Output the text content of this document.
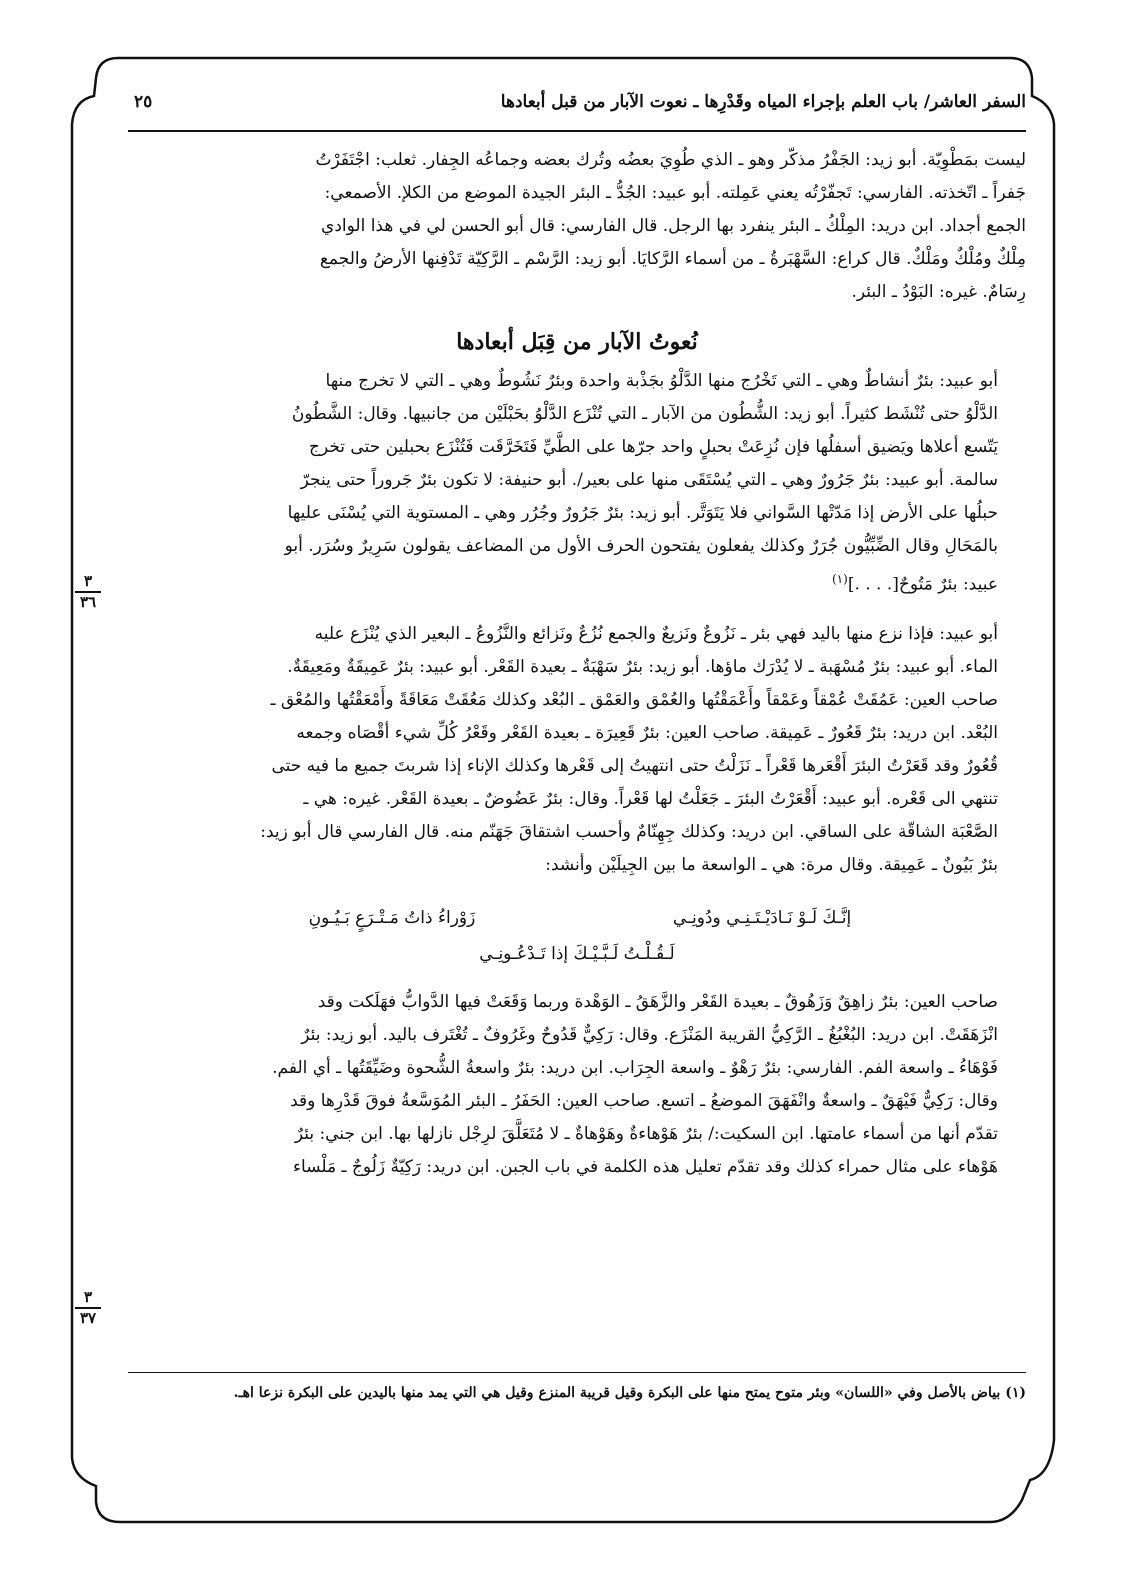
السفر العاشر/ باب العلم بإجراء المياه وقَدْرِها ـ نعوت الآبار من قبل أبعادها
٢٥
ليست بمَطْوِيّة. أبو زيد: الجَفْرُ مذكّر وهو ـ الذي طُوِيَ بعضُه وتُرك بعضه وجماعُه الجِفار. ثعلب: اجْتَفَرْتُ
جَفراً ـ اتّخذته. الفارسي: تَجفّرْتُه يعني عَمِلته. أبو عبيد: الجُدُّ ـ البئر الجيدة الموضع من الكلإ. الأصمعي:
الجمع أجداد. ابن دريد: المِلْكُ ـ البئر ينفرد بها الرجل. قال الفارسي: قال أبو الحسن لي في هذا الوادي
مِلْكٌ ومُلْكٌ ومَلْكٌ. قال كراع: السَّهْبَرةُ ـ من أسماء الرَّكايَا. أبو زيد: الرَّسْم ـ الرَّكِيّة تَدْفِنها الأرضُ والجمع
رِسَامٌ. غيره: البَوْدُ ـ البئر.
نُعوتُ الآبار من قِبَل أبعادها
أبو عبيد: بئرٌ أنشاطٌ وهي ـ التي تَخْرُج منها الدَّلْوُ بجَذْبة واحدة وبئرٌ نَشُوطٌ وهي ـ التي لا تخرج منها
الدَّلْوُ حتى تُنْشَط كثيراً. أبو زيد: الشُّطُون من الآبار ـ التي تُنْزَع الدَّلْوُ بحَبْلَيْن من جانبيها. وقال: الشَّطُونُ
يَتّسع أعلاها ويَضيق أسفلُها فإن نُزِعَتْ بحبلٍ واحد جرّها على الطَّيِّ فَتَخَرَّقَت فَتُنْزَع بحبلين حتى تخرج
سالمة. أبو عبيد: بئرٌ جَرُورٌ وهي ـ التي يُسْتَقَى منها على بعير/. أبو حنيفة: لا تكون بئرٌ جَروراً حتى ينجرّ
حبلُها على الأرض إذا مَدّتْها السَّواني فلا يَتَوَتَّر. أبو زيد: بئرٌ جَرُورٌ وجُرُر وهي ـ المستوية التي يُسْنَى عليها
بالمَحَالِ وقال الضِّبِّيُّون جُرَرٌ وكذلك يفعلون يفتحون الحرف الأول من المضاعف يقولون سَرِيرٌ وسُرَر. أبو
عبيد: بئرٌ مَتُوحٌ[. . . .]$^{(١)}$
أبو عبيد: فإذا نزع منها باليد فهي بئر ـ نَزُوعٌ ونَزيعٌ والجمع نُزُعٌ ونَزائع والنَّزُوعُ ـ البعير الذي يُنْزَع عليه
الماء. أبو عبيد: بئرٌ مُسْهَبة ـ لا يُدْرَك ماؤها. أبو زيد: بئرٌ سَهْبَةٌ ـ بعيدة القَعْر. أبو عبيد: بئرٌ عَمِيقَةٌ ومَعِيقَةٌ.
صاحب العين: عَمُقَتْ عُمْقاً وعَمْقاً وأَعْمَقْتُها والعُمْق والعَمْق ـ البُعْد وكذلك مَعُقَتْ مَعَاقَةً وأَمْعَقْتُها والمُعْق ـ
البُعْد. ابن دريد: بئرٌ قَعُورٌ ـ عَمِيقة. صاحب العين: بئرٌ قَعِيرَة ـ بعيدة القَعْر وقَعْرُ كُلِّ شيء أقْصَاه وجمعه
قُعُورٌ وقد قَعَرْتُ البئرَ أَقْعَرها قَعْراً ـ نَزَلْتُ حتى انتهيتُ إلى قَعْرها وكذلك الإناء إذا شربتَ جميع ما فيه حتى
تنتهي الى قَعْره. أبو عبيد: أَقْعَرْتُ البئرَ ـ جَعَلْتُ لها قَعْراً. وقال: بئرٌ عَضُوضٌ ـ بعيدة القَعْر. غيره: هي ـ
الصَّعْبَة الشاقّة على الساقي. ابن دريد: وكذلك جِهِنّامٌ وأحسب اشتقاقَ جَهَنّم منه. قال الفارسي قال أبو زيد:
بئرٌ بَيُونٌ ـ عَمِيقة. وقال مرة: هي ـ الواسعة ما بين الجِيلَيْن وأنشد:
إنَّـكَ لَـوْ نَـادَيْـتَـنِـي ودُونِـي
زَوْراءُ ذاتُ مَـتْـرَعٍ بَـيُـونِ
لَـقُـلْـتُ لَـبَّـيْـكَ إذا تَـدْعُـونِـي
صاحب العين: بئرٌ زاهِقٌ وَزَهُوقٌ ـ بعيدة القَعْر والزَّهَقُ ـ الوَهْدة وربما وَقَعَتْ فيها الدَّوابُّ فهَلَكت وقد
انْزَهَقَتْ. ابن دريد: البُغْبُغُ ـ الرَّكِيُّ القريبة المَنْزَع. وقال: رَكِيٌّ قَدُوحٌ وغَرُوفٌ ـ تُغْتَرف باليد. أبو زيد: بئرٌ
فَوْهَاءُ ـ واسعة الفم. الفارسي: بئرٌ رَهْوٌ ـ واسعة الجِرَاب. ابن دريد: بئرٌ واسعةُ الشُّحوة وضَيِّقَتُها ـ أي الفم.
وقال: رَكِيٌّ فَيْهَقٌ ـ واسعةٌ وانْفَهَقَ الموضعُ ـ اتسع. صاحب العين: الحَفَرُ ـ البئر المُوَسَّعةُ فوقَ قَدْرِها وقد
تقدّم أنها من أسماء عامتها. ابن السكيت:/ بئرٌ هَوْهاءةٌ وهَوْهاةٌ ـ لا مُتَعَلَّقَ لرِجْل نازلها بها. ابن جني: بئرٌ
هَوْهاء على مثال حمراء كذلك وقد تقدّم تعليل هذه الكلمة في باب الجبن. ابن دريد: رَكِيّةٌ زَلُوجٌ ـ مَلْساء
٣
٣٦
٣
٣٧
(١) بياض بالأصل وفي «اللسان» وبئر متوح يمتح منها على البكرة وقيل قريبة المنزع وقيل هي التي يمد منها باليدين على البكرة نزعا اهـ.
